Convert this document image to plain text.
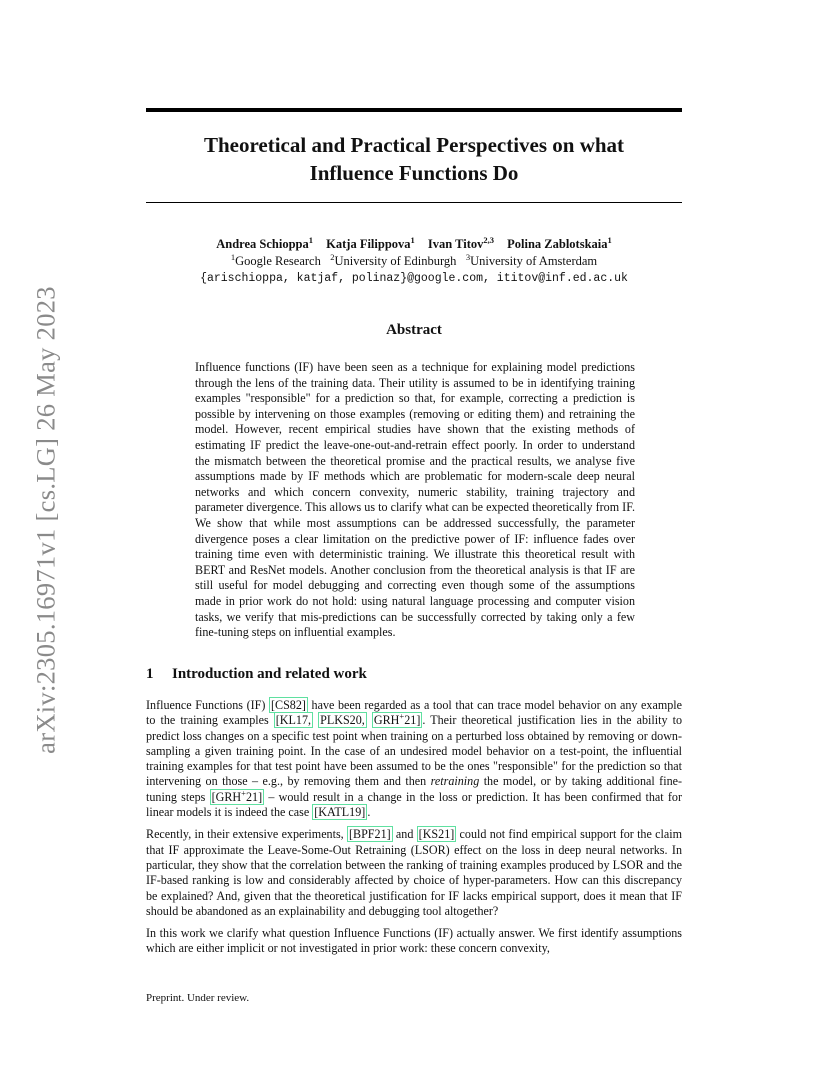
arXiv:2305.16971v1 [cs.LG] 26 May 2023
Theoretical and Practical Perspectives on what
Influence Functions Do
Andrea Schioppa$^1$ Katja Filippova$^1$ Ivan Titov$^{2,3}$ Polina Zablotskaia$^1$
$^1$Google Research $^2$University of Edinburgh $^3$University of Amsterdam
{arischioppa, katjaf, polinaz}@google.com, ititov@inf.ed.ac.uk
Abstract
Influence functions (IF) have been seen as a technique for explaining model predictions through the lens of the training data. Their utility is assumed to be in identifying training examples "responsible" for a prediction so that, for example, correcting a prediction is possible by intervening on those examples (removing or editing them) and retraining the model. However, recent empirical studies have shown that the existing methods of estimating IF predict the leave-one-out-and-retrain effect poorly. In order to understand the mismatch between the theoretical promise and the practical results, we analyse five assumptions made by IF methods which are problematic for modern-scale deep neural networks and which concern convexity, numeric stability, training trajectory and parameter divergence. This allows us to clarify what can be expected theoretically from IF. We show that while most assumptions can be addressed successfully, the parameter divergence poses a clear limitation on the predictive power of IF: influence fades over training time even with deterministic training. We illustrate this theoretical result with BERT and ResNet models. Another conclusion from the theoretical analysis is that IF are still useful for model debugging and correcting even though some of the assumptions made in prior work do not hold: using natural language processing and computer vision tasks, we verify that mis-predictions can be successfully corrected by taking only a few fine-tuning steps on influential examples.
1 Introduction and related work

Influence Functions (IF) [CS82] have been regarded as a tool that can trace model behavior on any example to the training examples [KL17, PLKS20, GRH+21] . Their theoretical justification lies in the ability to predict loss changes on a specific test point when training on a perturbed loss obtained by removing or down-sampling a given training point. In the case of an undesired model behavior on a test-point, the influential training examples for that test point have been assumed to be the ones "responsible" for the prediction so that intervening on those – e.g., by removing them and then retraining the model, or by taking additional fine-tuning steps [GRH+21] – would result in a change in the loss or prediction. It has been confirmed that for linear models it is indeed the case [KATL19] .

Recently, in their extensive experiments, [BPF21] and [KS21] could not find empirical support for the claim that IF approximate the Leave-Some-Out Retraining (LSOR) effect on the loss in deep neural networks. In particular, they show that the correlation between the ranking of training examples produced by LSOR and the IF-based ranking is low and considerably affected by choice of hyper-parameters. How can this discrepancy be explained? And, given that the theoretical justification for IF lacks empirical support, does it mean that IF should be abandoned as an explainability and debugging tool altogether?

In this work we clarify what question Influence Functions (IF) actually answer. We first identify assumptions which are either implicit or not investigated in prior work: these concern convexity,

Preprint. Under review.
